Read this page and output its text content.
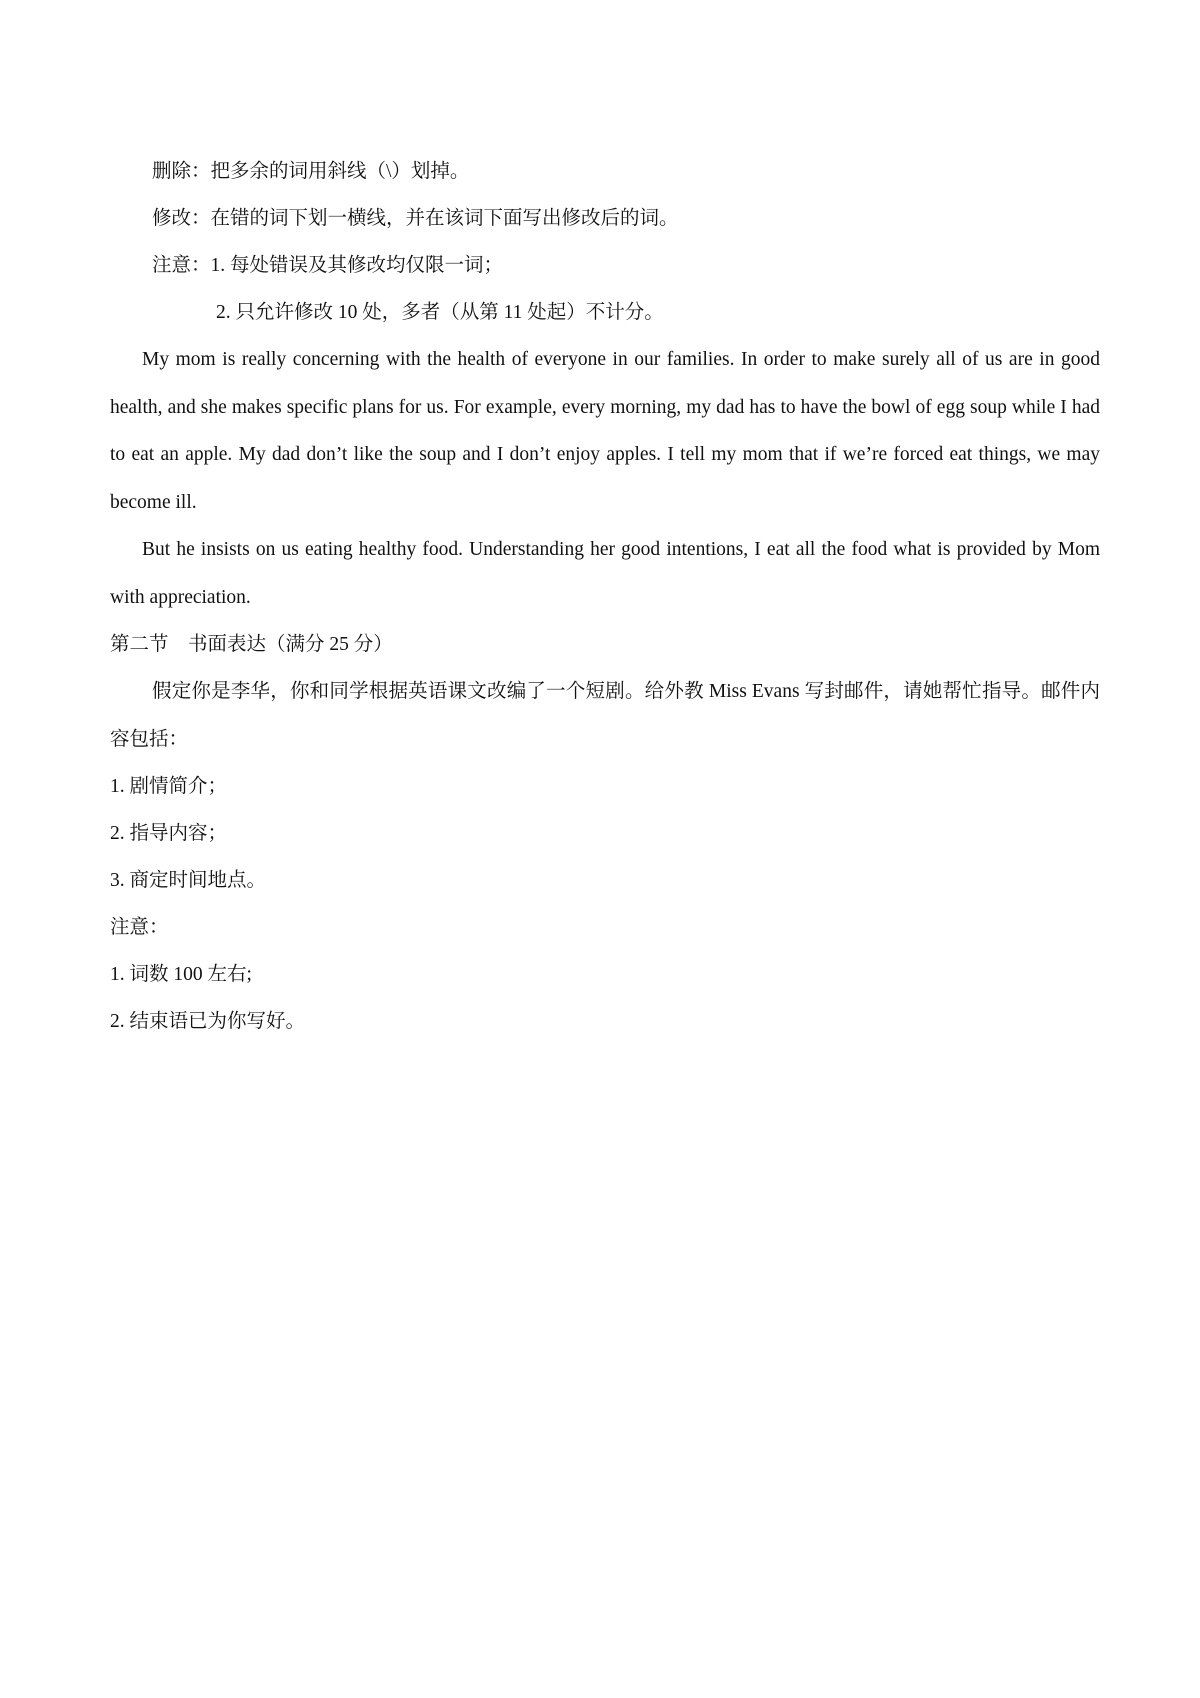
删除：把多余的词用斜线（\）划掉。
修改：在错的词下划一横线，并在该词下面写出修改后的词。
注意：1. 每处错误及其修改均仅限一词；
2. 只允许修改 10 处，多者（从第 11 处起）不计分。

My mom is really concerning with the health of everyone in our families. In order to make surely all of us are in good health, and she makes specific plans for us. For example, every morning, my dad has to have the bowl of egg soup while I had to eat an apple. My dad don’t like the soup and I don’t enjoy apples. I tell my mom that if we’re forced eat things, we may become ill.

But he insists on us eating healthy food. Understanding her good intentions, I eat all the food what is provided by Mom with appreciation.

第二节　书面表达（满分 25 分）

假定你是李华，你和同学根据英语课文改编了一个短剧。给外教 Miss Evans 写封邮件，请她帮忙指导。邮件内容包括：

1. 剧情简介；
2. 指导内容；
3. 商定时间地点。
注意：
1. 词数 100 左右;
2. 结束语已为你写好。
